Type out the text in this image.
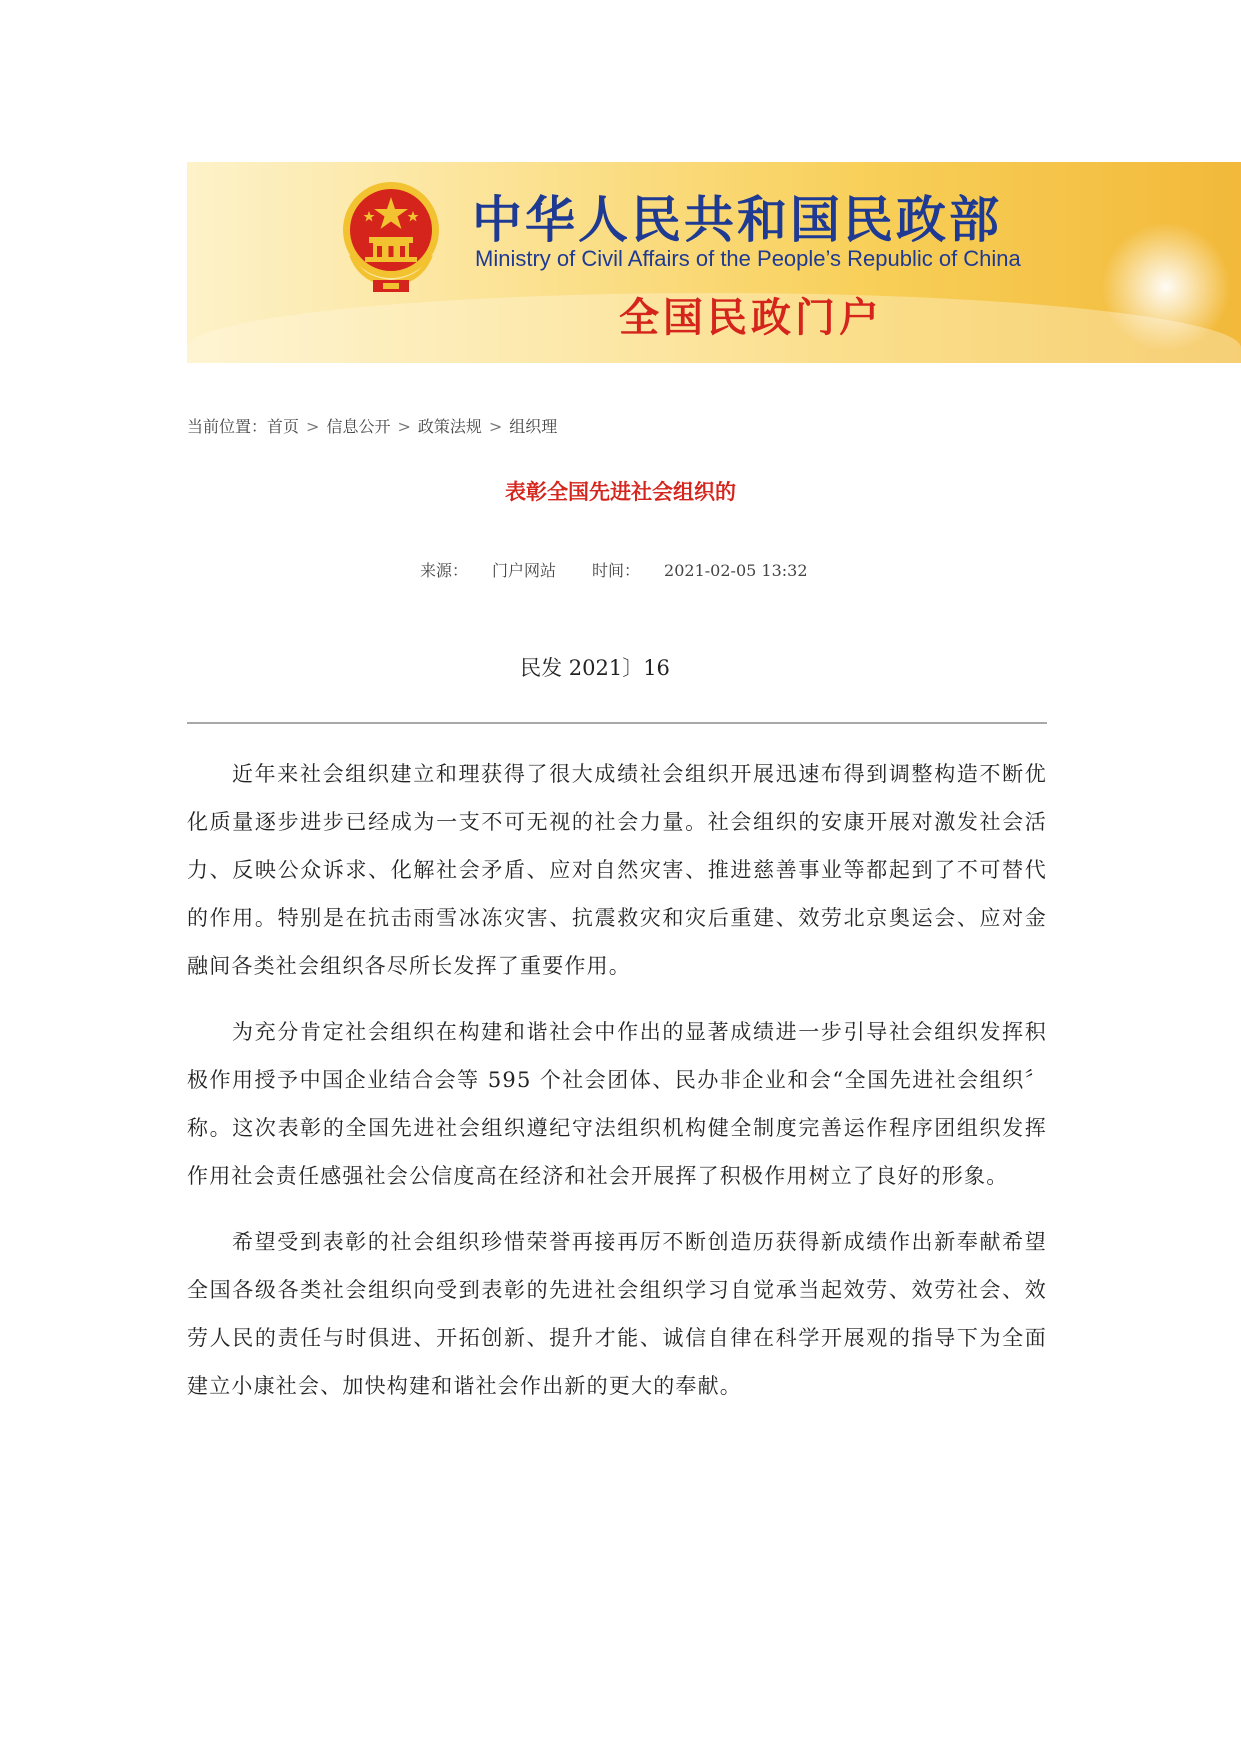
中华人民共和国民政部
Ministry of Civil Affairs of the People’s Republic of China
全国民政门户
当前位置：首页 > 信息公开 > 政策法规 > 组织理
表彰全国先进社会组织的
来源： 门户网站 时间： 2021-02-05 13:32
民发 2021〕16

近年来社会组织建立和理获得了很大成绩社会组织开展迅速布得到调整构造不断优化质量逐步进步已经成为一支不可无视的社会力量。社会组织的安康开展对激发社会活力、反映公众诉求、化解社会矛盾、应对自然灾害、推进慈善事业等都起到了不可替代的作用。特别是在抗击雨雪冰冻灾害、抗震救灾和灾后重建、效劳北京奥运会、应对金融间各类社会组织各尽所长发挥了重要作用。

为充分肯定社会组织在构建和谐社会中作出的显著成绩进一步引导社会组织发挥积极作用授予中国企业结合会等 595 个社会团体、民办非企业和会“全国先进社会组织〞称。这次表彰的全国先进社会组织遵纪守法组织机构健全制度完善运作程序团组织发挥作用社会责任感强社会公信度高在经济和社会开展挥了积极作用树立了良好的形象。

希望受到表彰的社会组织珍惜荣誉再接再厉不断创造历获得新成绩作出新奉献希望全国各级各类社会组织向受到表彰的先进社会组织学习自觉承当起效劳、效劳社会、效劳人民的责任与时俱进、开拓创新、提升才能、诚信自律在科学开展观的指导下为全面建立小康社会、加快构建和谐社会作出新的更大的奉献。
